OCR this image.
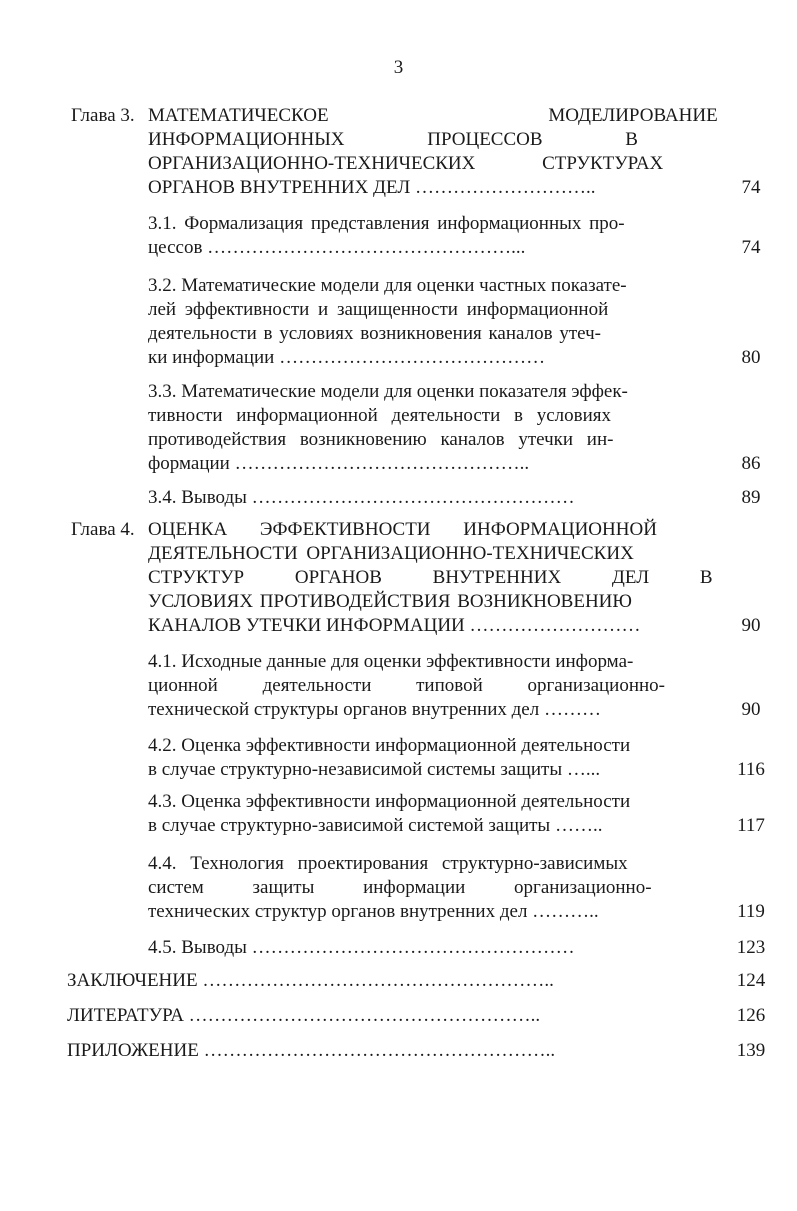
3
Глава 3. МАТЕМАТИЧЕСКОЕ МОДЕЛИРОВАНИЕ
ИНФОРМАЦИОННЫХ ПРОЦЕССОВ В
ОРГАНИЗАЦИОННО-ТЕХНИЧЕСКИХ СТРУКТУРАХ
ОРГАНОВ ВНУТРЕННИХ ДЕЛ ………………………..	74
3.1. Формализация представления информационных про-
цессов …………………………………………...	74
3.2. Математические модели для оценки частных показате-
лей эффективности и защищенности информационной
деятельности в условиях возникновения каналов утеч-
ки информации ……………………………………	80
3.3. Математические модели для оценки показателя эффек-
тивности информационной деятельности в условиях
противодействия возникновению каналов утечки ин-
формации ………………………………………..	86
3.4. Выводы ……………………………………………	89
Глава 4. ОЦЕНКА ЭФФЕКТИВНОСТИ ИНФОРМАЦИОННОЙ
ДЕЯТЕЛЬНОСТИ ОРГАНИЗАЦИОННО-ТЕХНИЧЕСКИХ
СТРУКТУР ОРГАНОВ ВНУТРЕННИХ ДЕЛ В
УСЛОВИЯХ ПРОТИВОДЕЙСТВИЯ ВОЗНИКНОВЕНИЮ
КАНАЛОВ УТЕЧКИ ИНФОРМАЦИИ ………………………	90
4.1. Исходные данные для оценки эффективности информа-
ционной деятельности типовой организационно-
технической структуры органов внутренних дел ………	90
4.2. Оценка эффективности информационной деятельности
в случае структурно-независимой системы защиты …...	116
4.3. Оценка эффективности информационной деятельности
в случае структурно-зависимой системой защиты ……..	117
4.4. Технология проектирования структурно-зависимых
систем защиты информации организационно-
технических структур органов внутренних дел ………..	119
4.5. Выводы ……………………………………………	123
ЗАКЛЮЧЕНИЕ ………………………………………………..	124
ЛИТЕРАТУРА ………………………………………………..	126
ПРИЛОЖЕНИЕ ………………………………………………..	139
